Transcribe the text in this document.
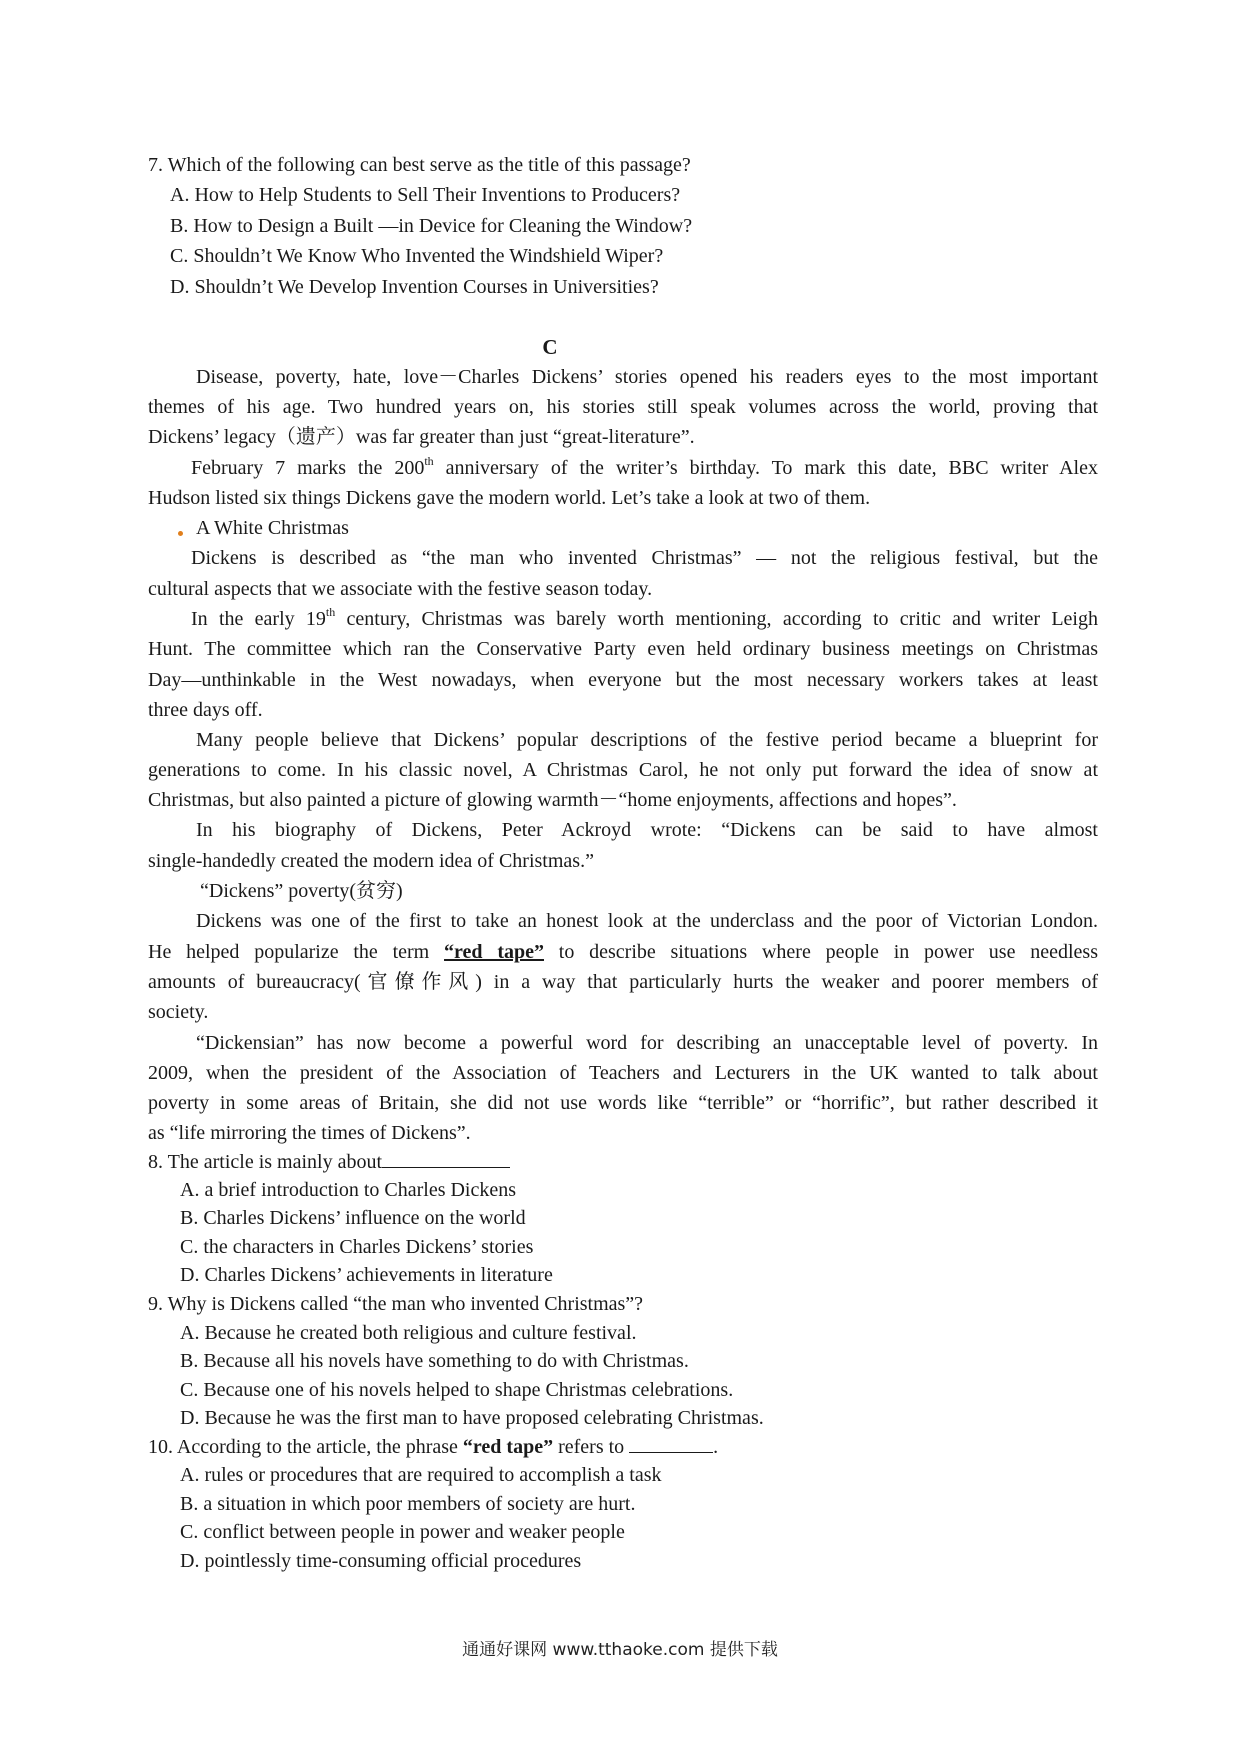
7. Which of the following can best serve as the title of this passage?
A. How to Help Students to Sell Their Inventions to Producers?
B. How to Design a Built —in Device for Cleaning the Window?
C. Shouldn’t We Know Who Invented the Windshield Wiper?
D. Shouldn’t We Develop Invention Courses in Universities?
C
Disease, poverty, hate, love－Charles Dickens’ stories opened his readers eyes to the most important
themes of his age. Two hundred years on, his stories still speak volumes across the world, proving that
Dickens’ legacy（遗产）was far greater than just “great-literature”.
February 7 marks the 200th anniversary of the writer’s birthday. To mark this date, BBC writer Alex
Hudson listed six things Dickens gave the modern world. Let’s take a look at two of them.
A White Christmas
Dickens is described as “the man who invented Christmas” — not the religious festival, but the
cultural aspects that we associate with the festive season today.
In the early 19th century, Christmas was barely worth mentioning, according to critic and writer Leigh
Hunt. The committee which ran the Conservative Party even held ordinary business meetings on Christmas
Day—unthinkable in the West nowadays, when everyone but the most necessary workers takes at least
three days off.
Many people believe that Dickens’ popular descriptions of the festive period became a blueprint for
generations to come. In his classic novel, A Christmas Carol, he not only put forward the idea of snow at
Christmas, but also painted a picture of glowing warmth－“home enjoyments, affections and hopes”.
In his biography of Dickens, Peter Ackroyd wrote: “Dickens can be said to have almost
single-handedly created the modern idea of Christmas.”
“Dickens” poverty(贫穷)
Dickens was one of the first to take an honest look at the underclass and the poor of Victorian London.
He helped popularize the term “red tape” to describe situations where people in power use needless
amounts of bureaucracy(官僚作风) in a way that particularly hurts the weaker and poorer members of
society.
“Dickensian” has now become a powerful word for describing an unacceptable level of poverty. In
2009, when the president of the Association of Teachers and Lecturers in the UK wanted to talk about
poverty in some areas of Britain, she did not use words like “terrible” or “horrific”, but rather described it
as “life mirroring the times of Dickens”.
8. The article is mainly about
A. a brief introduction to Charles Dickens
B. Charles Dickens’ influence on the world
C. the characters in Charles Dickens’ stories
D. Charles Dickens’ achievements in literature
9. Why is Dickens called “the man who invented Christmas”?
A. Because he created both religious and culture festival.
B. Because all his novels have something to do with Christmas.
C. Because one of his novels helped to shape Christmas celebrations.
D. Because he was the first man to have proposed celebrating Christmas.
10. According to the article, the phrase “red tape” refers to	.
A. rules or procedures that are required to accomplish a task
B. a situation in which poor members of society are hurt.
C. conflict between people in power and weaker people
D. pointlessly time-consuming official procedures
通通好课网 www.tthaoke.com 提供下载
